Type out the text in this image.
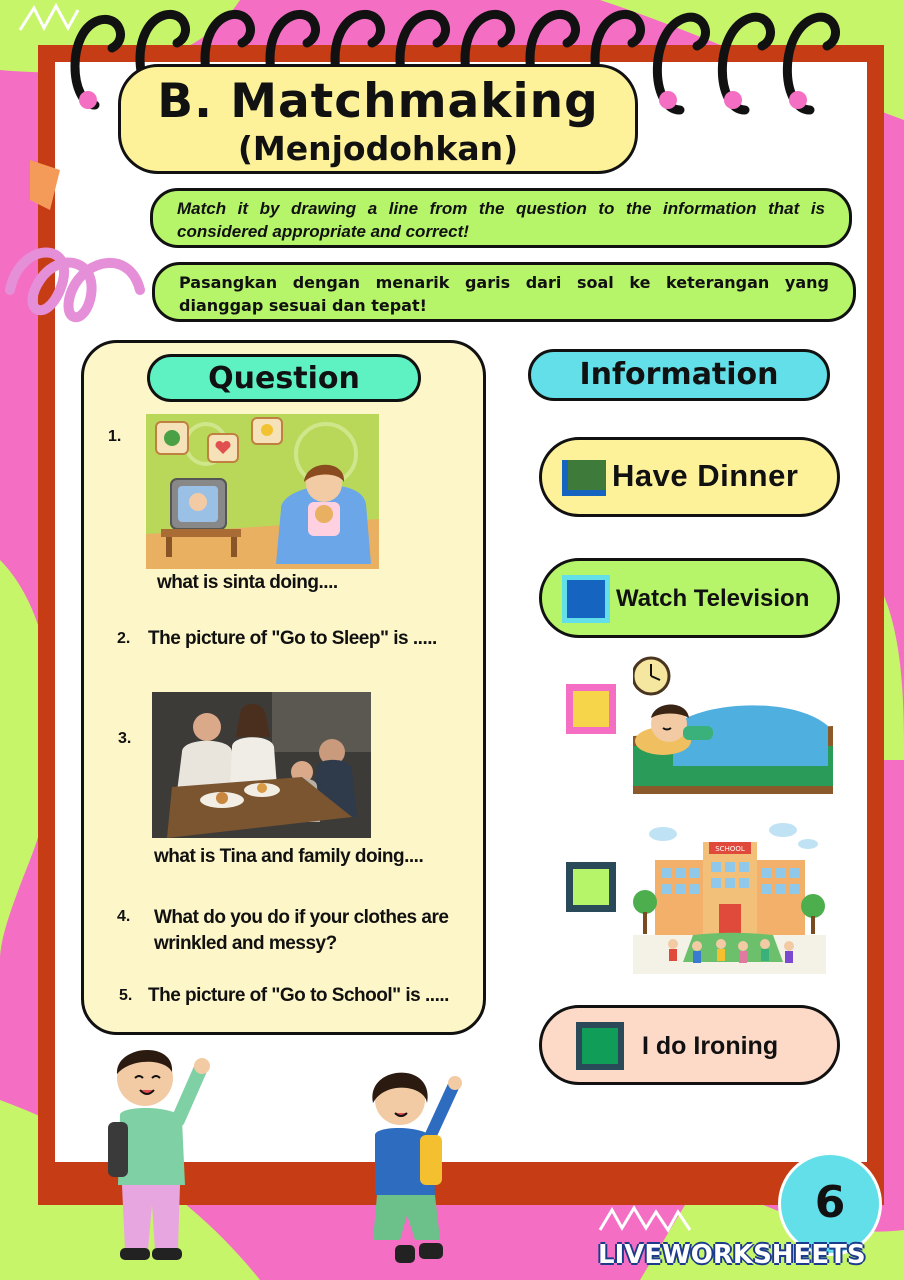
B. Matchmaking
(Menjodohkan)
Match it by drawing a line from the question to the information that is considered appropriate and correct!
Pasangkan dengan menarik garis dari soal ke keterangan yang dianggap sesuai dan tepat!
Question	Information
1.
what is sinta doing....
2. The picture of "Go to Sleep" is .....
3.
what is Tina and family doing....
4. What do you do if your clothes are wrinkled and messy?
5. The picture of "Go to School" is .....
Have Dinner
Watch Television
SCHOOL
I do Ironing
6
LIVEWORKSHEETS
